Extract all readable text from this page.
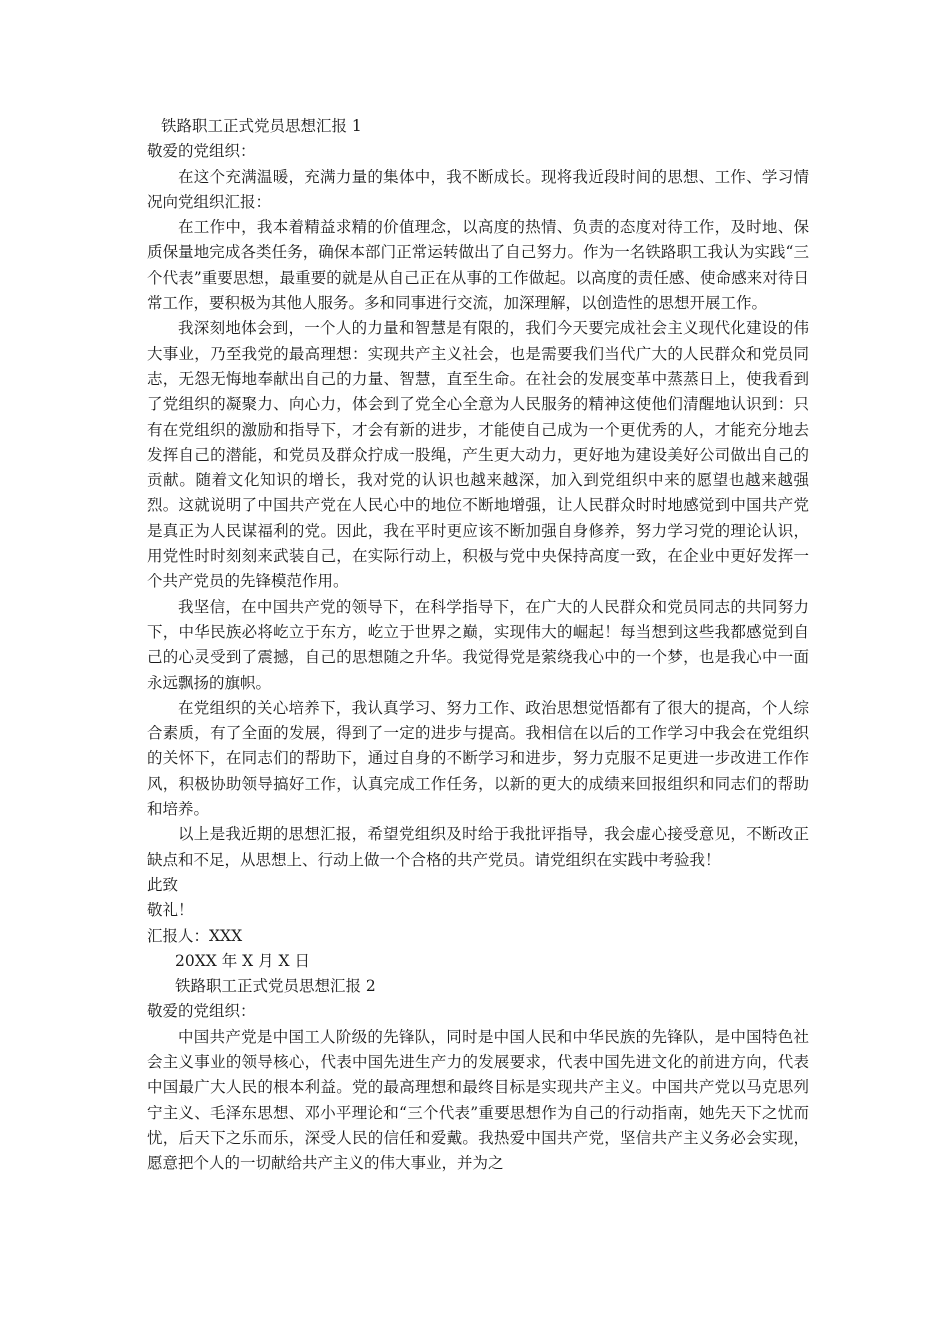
铁路职工正式党员思想汇报 1
敬爱的党组织：

在这个充满温暖，充满力量的集体中，我不断成长。现将我近段时间的思想、工作、学习情况向党组织汇报：

在工作中，我本着精益求精的价值理念，以高度的热情、负责的态度对待工作，及时地、保质保量地完成各类任务，确保本部门正常运转做出了自己努力。作为一名铁路职工我认为实践“三个代表”重要思想，最重要的就是从自己正在从事的工作做起。以高度的责任感、使命感来对待日常工作，要积极为其他人服务。多和同事进行交流，加深理解，以创造性的思想开展工作。

我深刻地体会到，一个人的力量和智慧是有限的，我们今天要完成社会主义现代化建设的伟大事业，乃至我党的最高理想：实现共产主义社会，也是需要我们当代广大的人民群众和党员同志，无怨无悔地奉献出自己的力量、智慧，直至生命。在社会的发展变革中蒸蒸日上，使我看到了党组织的凝聚力、向心力，体会到了党全心全意为人民服务的精神这使他们清醒地认识到：只有在党组织的激励和指导下，才会有新的进步，才能使自己成为一个更优秀的人，才能充分地去发挥自己的潜能，和党员及群众拧成一股绳，产生更大动力，更好地为建设美好公司做出自己的贡献。随着文化知识的增长，我对党的认识也越来越深，加入到党组织中来的愿望也越来越强烈。这就说明了中国共产党在人民心中的地位不断地增强，让人民群众时时地感觉到中国共产党是真正为人民谋福利的党。因此，我在平时更应该不断加强自身修养，努力学习党的理论认识，用党性时时刻刻来武装自己，在实际行动上，积极与党中央保持高度一致，在企业中更好发挥一个共产党员的先锋模范作用。

我坚信，在中国共产党的领导下，在科学指导下，在广大的人民群众和党员同志的共同努力下，中华民族必将屹立于东方，屹立于世界之巅，实现伟大的崛起！每当想到这些我都感觉到自己的心灵受到了震撼，自己的思想随之升华。我觉得党是萦绕我心中的一个梦，也是我心中一面永远飘扬的旗帜。

在党组织的关心培养下，我认真学习、努力工作、政治思想觉悟都有了很大的提高，个人综合素质，有了全面的发展，得到了一定的进步与提高。我相信在以后的工作学习中我会在党组织的关怀下，在同志们的帮助下，通过自身的不断学习和进步，努力克服不足更进一步改进工作作风，积极协助领导搞好工作，认真完成工作任务，以新的更大的成绩来回报组织和同志们的帮助和培养。

以上是我近期的思想汇报，希望党组织及时给于我批评指导，我会虚心接受意见，不断改正缺点和不足，从思想上、行动上做一个合格的共产党员。请党组织在实践中考验我！

此致
敬礼！
汇报人：XXX
20XX 年 X 月 X 日
铁路职工正式党员思想汇报 2
敬爱的党组织：

中国共产党是中国工人阶级的先锋队，同时是中国人民和中华民族的先锋队，是中国特色社会主义事业的领导核心，代表中国先进生产力的发展要求，代表中国先进文化的前进方向，代表中国最广大人民的根本利益。党的最高理想和最终目标是实现共产主义。中国共产党以马克思列宁主义、毛泽东思想、邓小平理论和“三个代表”重要思想作为自己的行动指南，她先天下之忧而忧，后天下之乐而乐，深受人民的信任和爱戴。我热爱中国共产党，坚信共产主义务必会实现，愿意把个人的一切献给共产主义的伟大事业，并为之
